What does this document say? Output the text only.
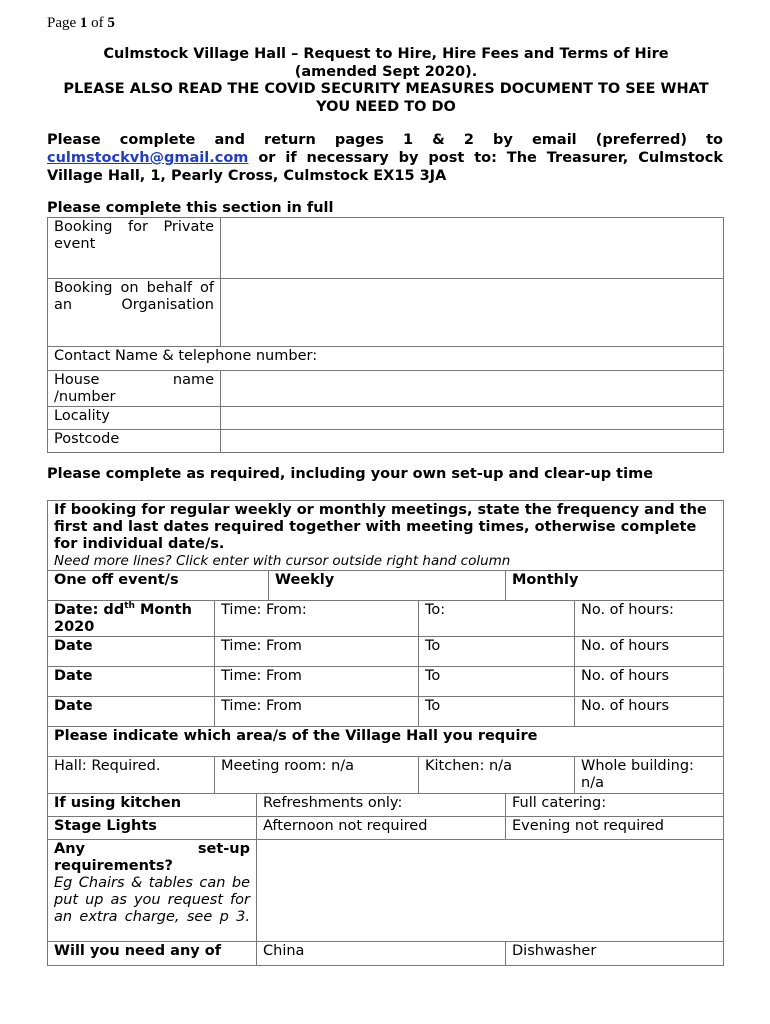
Page 1 of 5
Culmstock Village Hall – Request to Hire, Hire Fees and Terms of Hire
(amended Sept 2020).
PLEASE ALSO READ THE COVID SECURITY MEASURES DOCUMENT TO SEE WHAT YOU NEED TO DO
Please complete and return pages 1 & 2 by email (preferred) to culmstockvh@gmail.com or if necessary by post to: The Treasurer, Culmstock Village Hall, 1, Pearly Cross, Culmstock EX15 3JA
Please complete this section in full
Booking for Private event	
Booking on behalf of an Organisation	
Contact Name & telephone number:	

House name
/number	

Locality	
Postcode	
Please complete as required, including your own set-up and clear-up time
If booking for regular weekly or monthly meetings, state the frequency and the first and last dates required together with meeting times, otherwise complete for individual date/s.
Need more lines? Click enter with cursor outside right hand column						

One off event/s			Weekly		Monthly	
Date: $dd^{th}$ Month 2020	Time: From:			To:		No. of hours:
Date	Time: From			To		No. of hours
Date	Time: From			To		No. of hours
Date	Time: From			To		No. of hours
Please indicate which area/s of the Village Hall you require						
Hall: Required.	Meeting room: n/a			Kitchen: n/a		Whole building: n/a
If using kitchen		Refreshments only:			Full catering:	
Stage Lights		Afternoon not required			Evening not required	

Any set-up
requirements?
Eg Chairs & tables can be put up as you request for an extra charge, see p 3.						

Will you need any of		China			Dishwasher	
